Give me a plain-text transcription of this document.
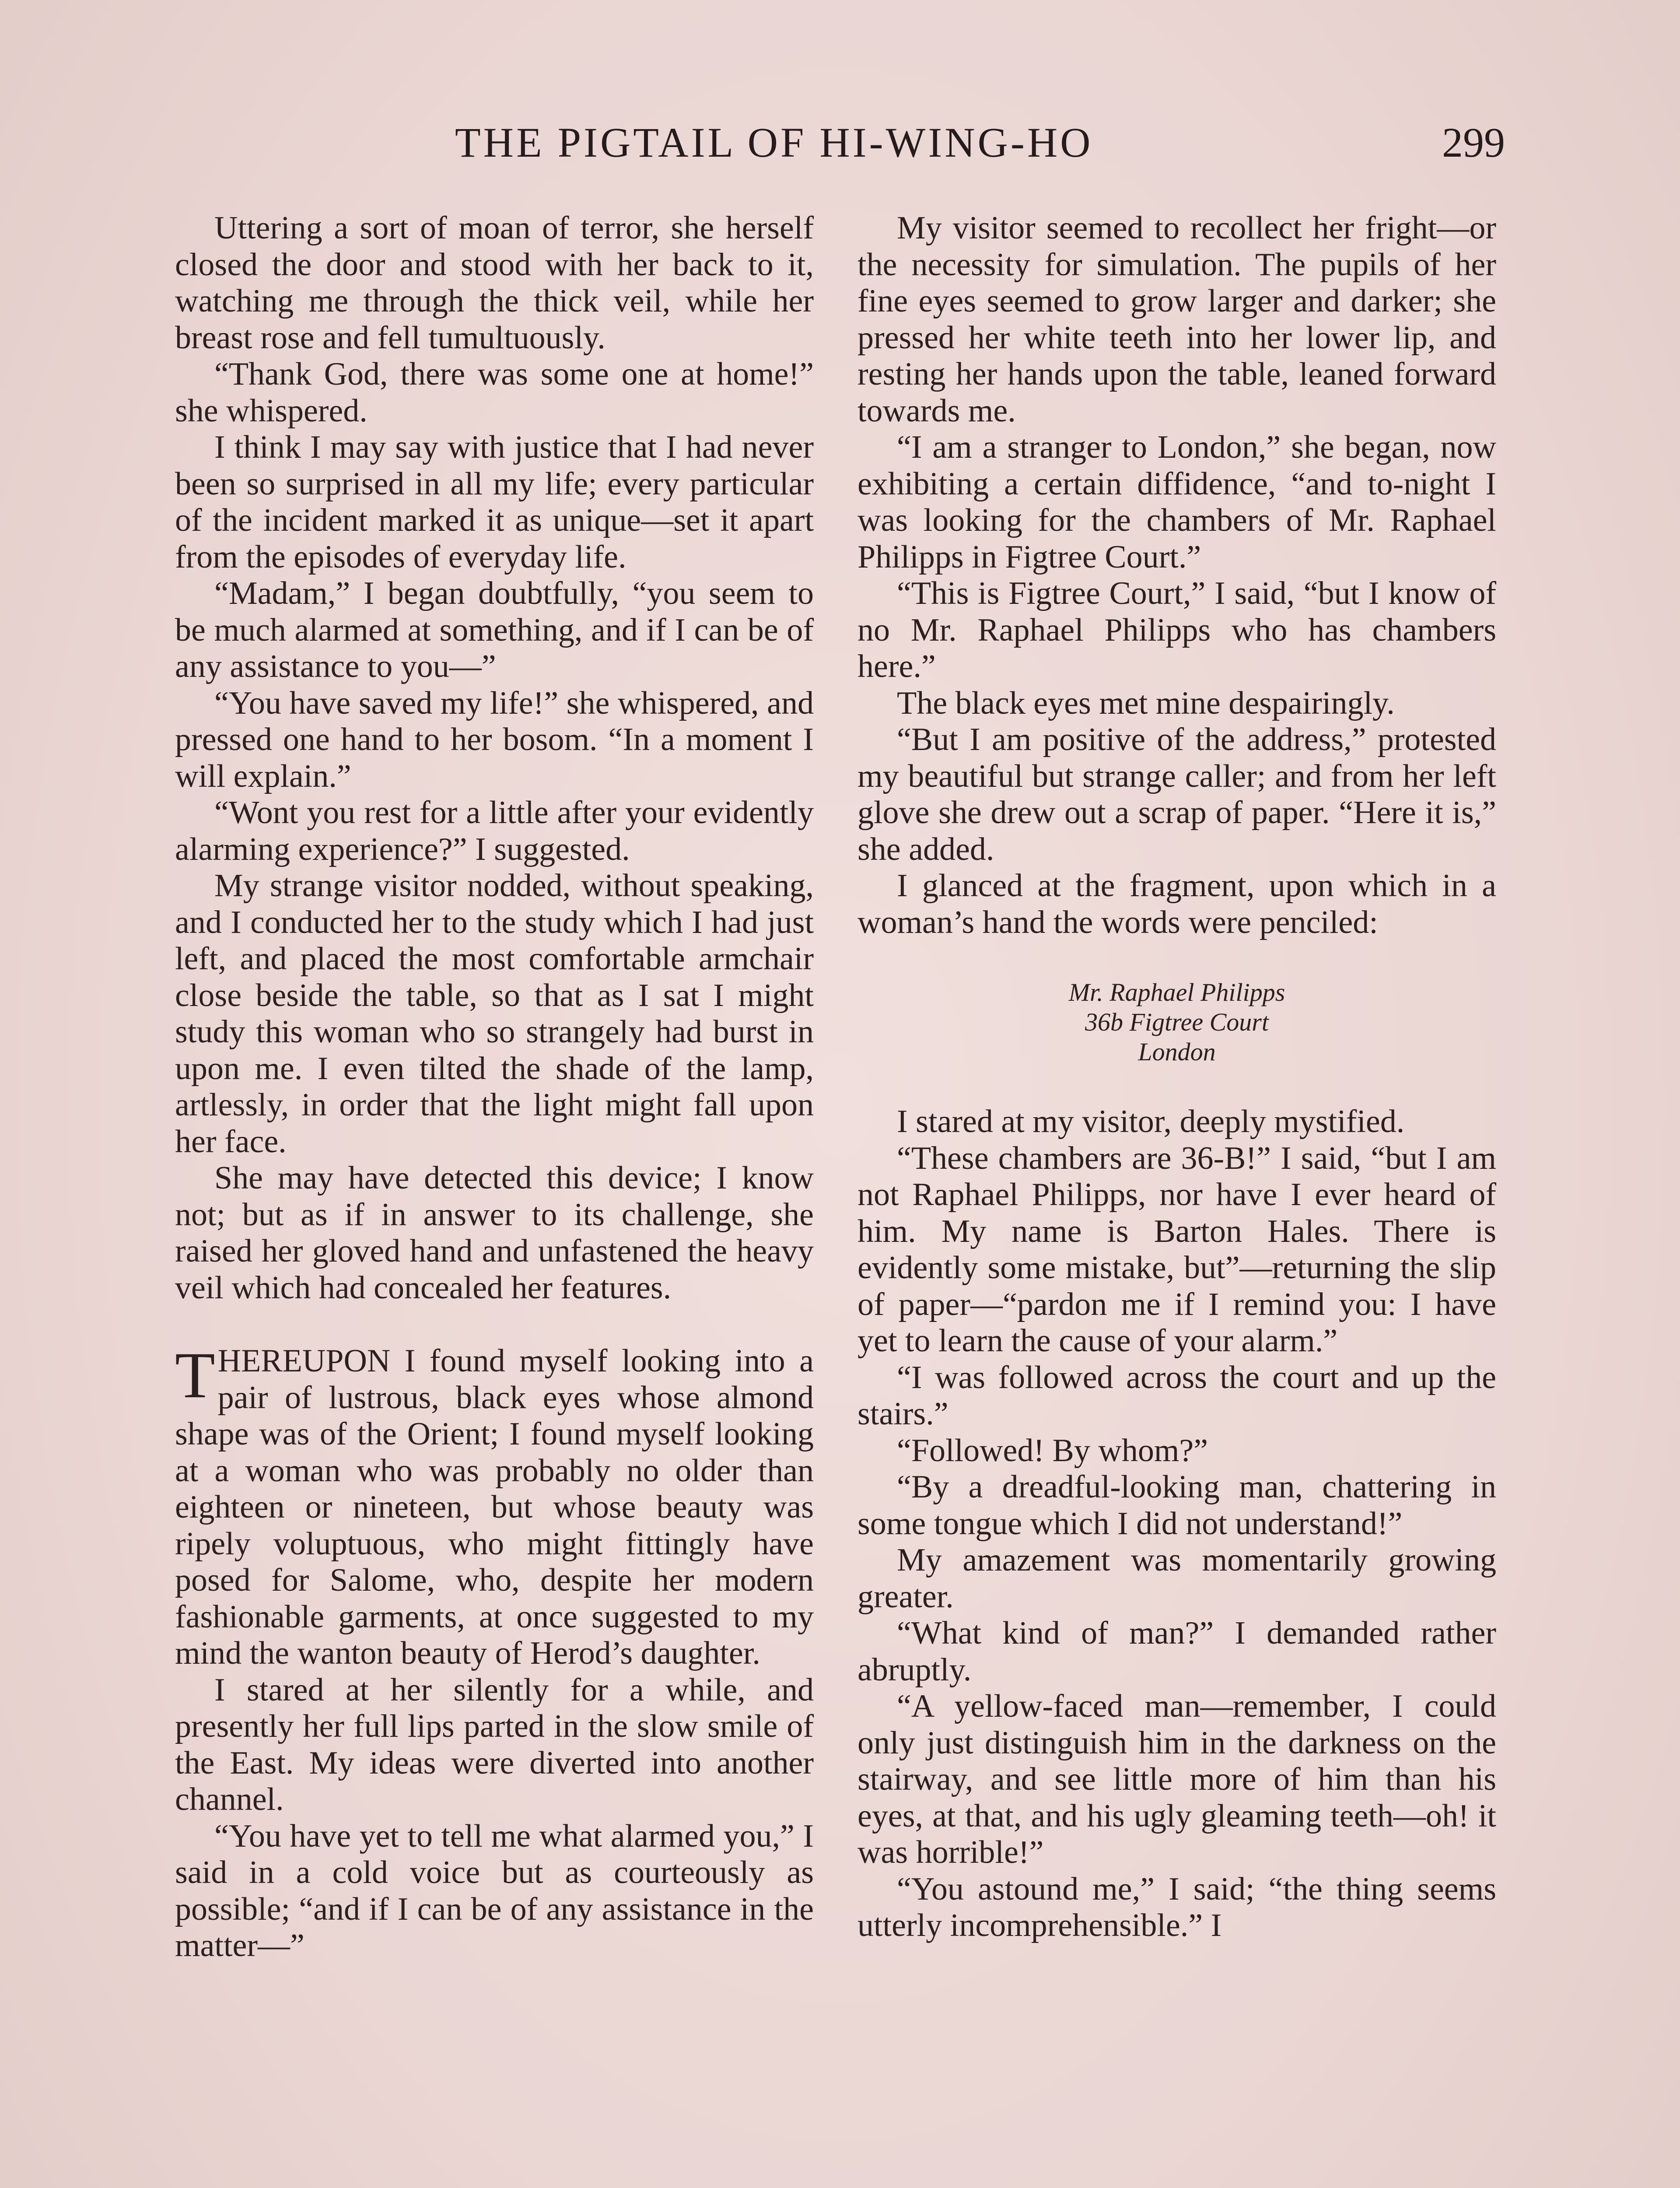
THE PIGTAIL OF HI-WING-HO	299

Uttering a sort of moan of terror, she herself closed the door and stood with her back to it, watching me through the thick veil, while her breast rose and fell tumultuously.

“Thank God, there was some one at home!” she whispered.

I think I may say with justice that I had never been so surprised in all my life; every particular of the incident marked it as unique—set it apart from the episodes of everyday life.

“Madam,” I began doubtfully, “you seem to be much alarmed at something, and if I can be of any assistance to you—”

“You have saved my life!” she whispered, and pressed one hand to her bosom. “In a moment I will explain.”

“Wont you rest for a little after your evidently alarming experience?” I suggested.

My strange visitor nodded, without speaking, and I conducted her to the study which I had just left, and placed the most comfortable armchair close beside the table, so that as I sat I might study this woman who so strangely had burst in upon me. I even tilted the shade of the lamp, artlessly, in order that the light might fall upon her face.

She may have detected this device; I know not; but as if in answer to its challenge, she raised her gloved hand and unfastened the heavy veil which had concealed her features.

THEREUPON I found myself looking into a pair of lustrous, black eyes whose almond shape was of the Orient; I found myself looking at a woman who was probably no older than eighteen or nineteen, but whose beauty was ripely voluptuous, who might fittingly have posed for Salome, who, despite her modern fashionable garments, at once suggested to my mind the wanton beauty of Herod’s daughter.

I stared at her silently for a while, and presently her full lips parted in the slow smile of the East. My ideas were diverted into another channel.

“You have yet to tell me what alarmed you,” I said in a cold voice but as courteously as possible; “and if I can be of any assistance in the matter—”

My visitor seemed to recollect her fright—or the necessity for simulation. The pupils of her fine eyes seemed to grow larger and darker; she pressed her white teeth into her lower lip, and resting her hands upon the table, leaned forward towards me.

“I am a stranger to London,” she began, now exhibiting a certain diffidence, “and to-night I was looking for the chambers of Mr. Raphael Philipps in Figtree Court.”

“This is Figtree Court,” I said, “but I know of no Mr. Raphael Philipps who has chambers here.”

The black eyes met mine despairingly.

“But I am positive of the address,” protested my beautiful but strange caller; and from her left glove she drew out a scrap of paper. “Here it is,” she added.

I glanced at the fragment, upon which in a woman’s hand the words were penciled:

Mr. Raphael Philipps
36b Figtree Court
London

I stared at my visitor, deeply mystified.

“These chambers are 36-B!” I said, “but I am not Raphael Philipps, nor have I ever heard of him. My name is Barton Hales. There is evidently some mistake, but”—returning the slip of paper—“pardon me if I remind you: I have yet to learn the cause of your alarm.”

“I was followed across the court and up the stairs.”

“Followed! By whom?”

“By a dreadful-looking man, chattering in some tongue which I did not understand!”

My amazement was momentarily growing greater.

“What kind of man?” I demanded rather abruptly.

“A yellow-faced man—remember, I could only just distinguish him in the darkness on the stairway, and see little more of him than his eyes, at that, and his ugly gleaming teeth—oh! it was horrible!”

“You astound me,” I said; “the thing seems utterly incomprehensible.” I
